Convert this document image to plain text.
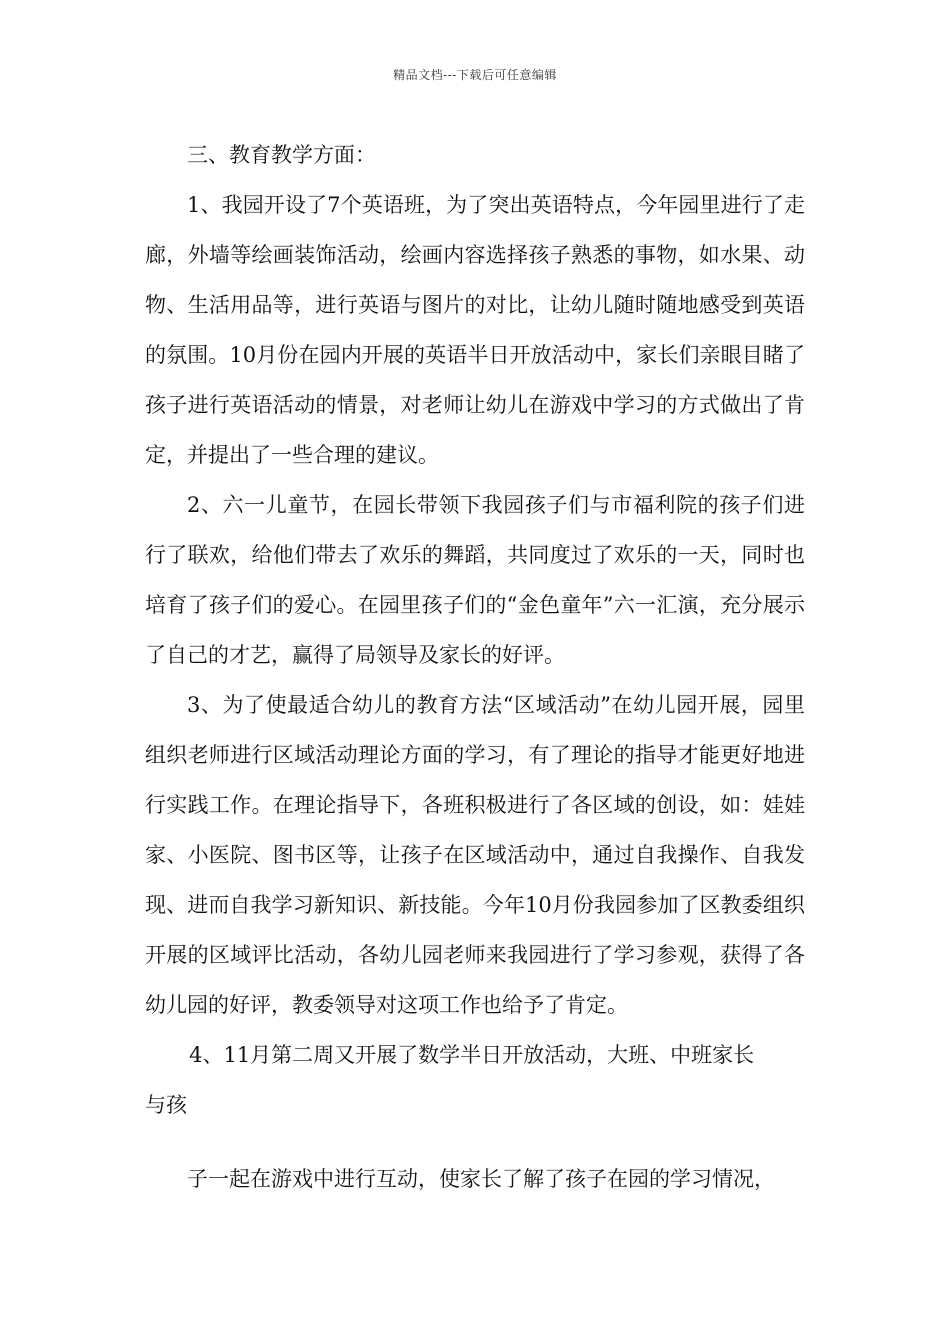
精品文档---下载后可任意编辑

三、教育教学方面：

1、我园开设了7个英语班，为了突出英语特点，今年园里进行了走廊，外墙等绘画装饰活动，绘画内容选择孩子熟悉的事物，如水果、动物、生活用品等，进行英语与图片的对比，让幼儿随时随地感受到英语的氛围。10月份在园内开展的英语半日开放活动中，家长们亲眼目睹了孩子进行英语活动的情景，对老师让幼儿在游戏中学习的方式做出了肯定，并提出了一些合理的建议。

2、六一儿童节，在园长带领下我园孩子们与市福利院的孩子们进行了联欢，给他们带去了欢乐的舞蹈，共同度过了欢乐的一天，同时也培育了孩子们的爱心。在园里孩子们的“金色童年”六一汇演，充分展示了自己的才艺，赢得了局领导及家长的好评。

3、为了使最适合幼儿的教育方法“区域活动”在幼儿园开展，园里组织老师进行区域活动理论方面的学习，有了理论的指导才能更好地进行实践工作。在理论指导下，各班积极进行了各区域的创设，如：娃娃家、小医院、图书区等，让孩子在区域活动中，通过自我操作、自我发现、进而自我学习新知识、新技能。今年10月份我园参加了区教委组织开展的区域评比活动，各幼儿园老师来我园进行了学习参观，获得了各幼儿园的好评，教委领导对这项工作也给予了肯定。

4、11月第二周又开展了数学半日开放活动，大班、中班家长

与孩

子一起在游戏中进行互动，使家长了解了孩子在园的学习情况，
